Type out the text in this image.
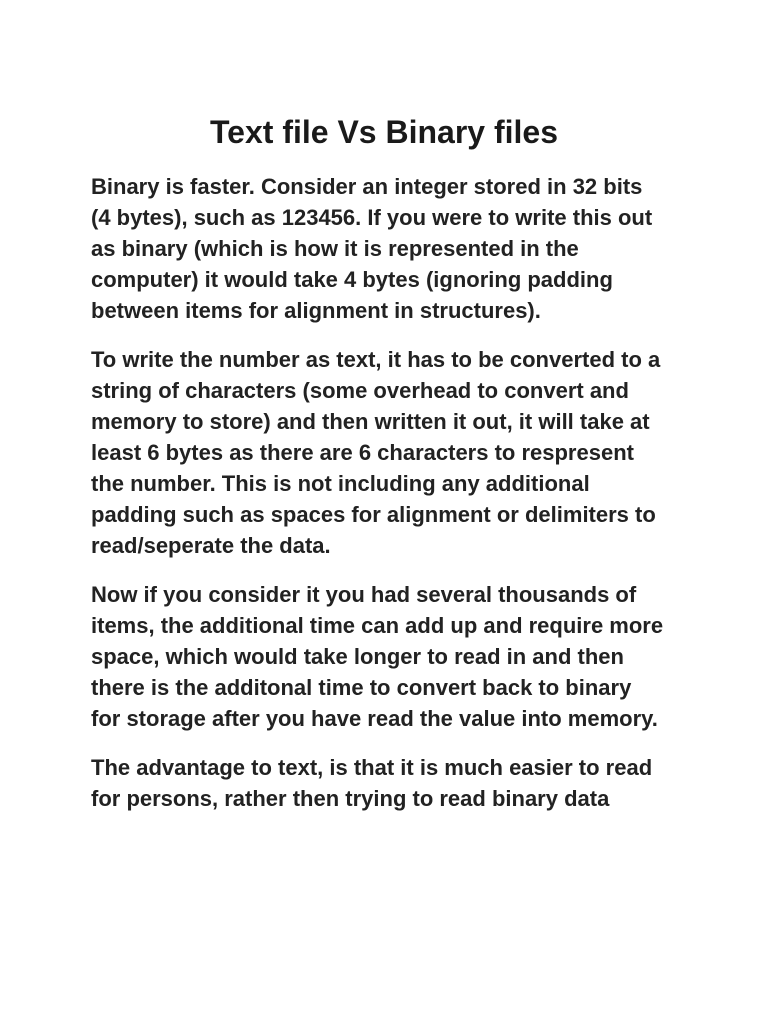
Text file Vs Binary files

Binary is faster. Consider an integer stored in 32 bits
(4 bytes), such as 123456. If you were to write this out
as binary (which is how it is represented in the
computer) it would take 4 bytes (ignoring padding
between items for alignment in structures).

To write the number as text, it has to be converted to a
string of characters (some overhead to convert and
memory to store) and then written it out, it will take at
least 6 bytes as there are 6 characters to respresent
the number. This is not including any additional
padding such as spaces for alignment or delimiters to
read/seperate the data.

Now if you consider it you had several thousands of
items, the additional time can add up and require more
space, which would take longer to read in and then
there is the additonal time to convert back to binary
for storage after you have read the value into memory.

The advantage to text, is that it is much easier to read
for persons, rather then trying to read binary data
